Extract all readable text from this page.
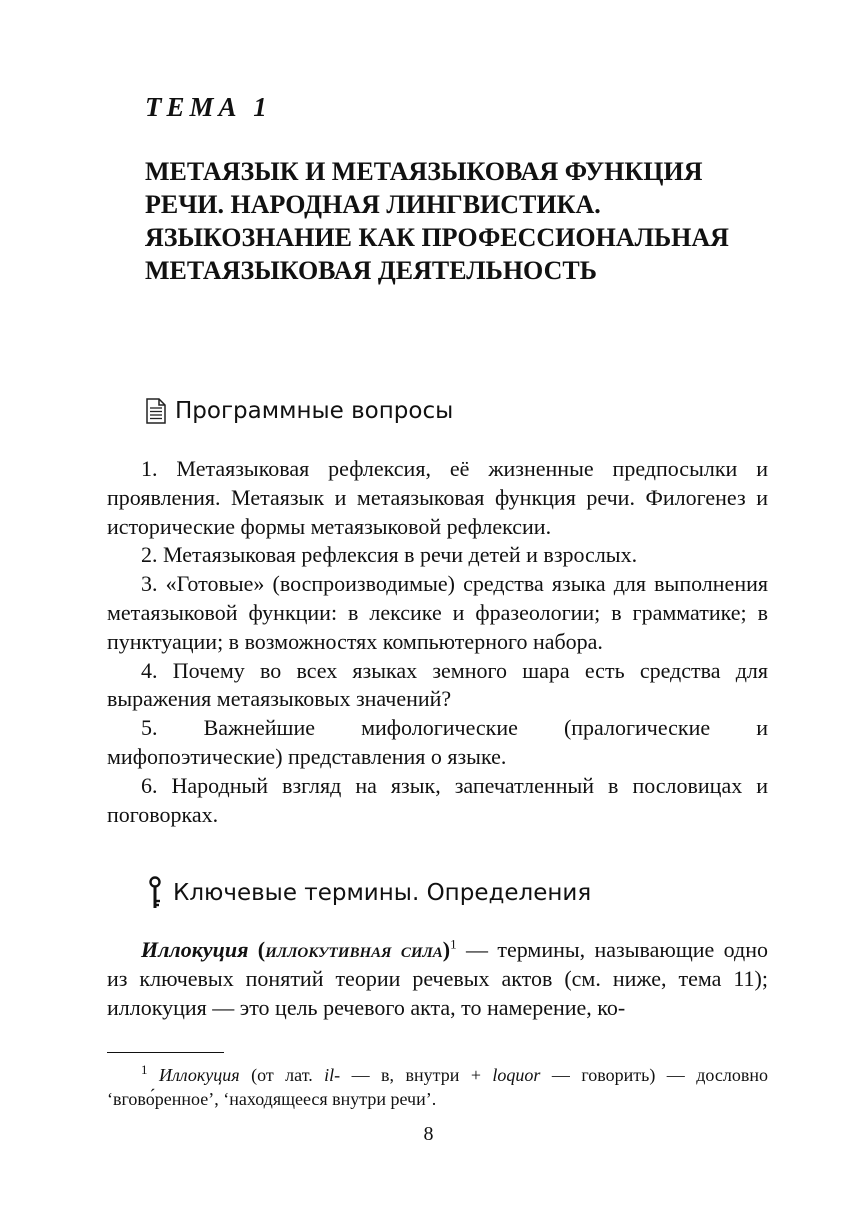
ТЕМА 1
МЕТАЯЗЫК И МЕТАЯЗЫКОВАЯ ФУНКЦИЯ
РЕЧИ. НАРОДНАЯ ЛИНГВИСТИКА.
ЯЗЫКОЗНАНИЕ КАК ПРОФЕССИОНАЛЬНАЯ
МЕТАЯЗЫКОВАЯ ДЕЯТЕЛЬНОСТЬ
Программные вопросы

1. Метаязыковая рефлексия, её жизненные предпосылки и проявления. Метаязык и метаязыковая функция речи. Филогенез и исторические формы метаязыковой рефлексии.

2. Метаязыковая рефлексия в речи детей и взрослых.

3. «Готовые» (воспроизводимые) средства языка для выполнения метаязыковой функции: в лексике и фразеологии; в грамматике; в пунктуации; в возможностях компьютерного набора.

4. Почему во всех языках земного шара есть средства для выражения метаязыковых значений?

5. Важнейшие мифологические (пралогические и мифопоэтические) представления о языке.

6. Народный взгляд на язык, запечатленный в пословицах и поговорках.

Ключевые термины. Определения

Иллокуция (иллокутивная сила)$^1$ — термины, называющие одно из ключевых понятий теории речевых актов (см. ниже, тема 11); иллокуция — это цель речевого акта, то намерение, ко-

$^1$ Иллокуция (от лат. il- — в, внутри + loquor — говорить) — дословно ‘вгово́ренное’, ‘находящееся внутри речи’.

8
